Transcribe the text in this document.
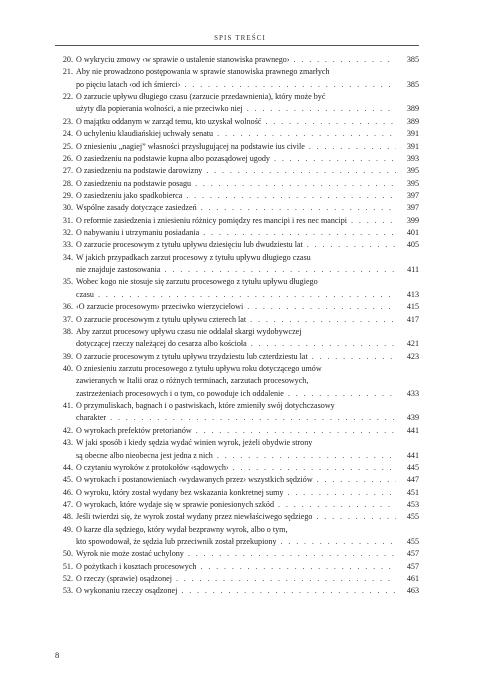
SPIS TREŚCI
20. O wykryciu zmowy ‹w sprawie o ustalenie stanowiska prawnego› . . .	385
21. Aby nie prowadzono postępowania w sprawie stanowiska prawnego zmarłych
po pięciu latach ‹od ich śmierci› . . .	385
22. O zarzucie upływu długiego czasu (zarzucie przedawnienia), który może być
użyty dla popierania wolności, a nie przeciwko niej . . .	389
23. O majątku oddanym w zarząd temu, kto uzyskał wolność . . .	389
24. O uchyleniu klaudiańskiej uchwały senatu . . .	391
25. O zniesieniu „nagiej” własności przysługującej na podstawie ius civile . . .	391
26. O zasiedzeniu na podstawie kupna albo pozasądowej ugody . . .	393
27. O zasiedzeniu na podstawie darowizny . . .	395
28. O zasiedzeniu na podstawie posagu . . .	395
29. O zasiedzeniu jako spadkobierca . . .	397
30. Wspólne zasady dotyczące zasiedzeń . . .	397
31. O reformie zasiedzenia i zniesieniu różnicy pomiędzy res mancipi i res nec mancipi . . .	399
32. O nabywaniu i utrzymaniu posiadania . . .	401
33. O zarzucie procesowym z tytułu upływu dziesięciu lub dwudziestu lat . . .	405
34. W jakich przypadkach zarzut procesowy z tytułu upływu długiego czasu
nie znajduje zastosowania . . .	411
35. Wobec kogo nie stosuje się zarzutu procesowego z tytułu upływu długiego
czasu . . .	413
36. ‹O zarzucie procesowym› przeciwko wierzycielowi . . .	415
37. O zarzucie procesowym z tytułu upływu czterech lat . . .	417
38. Aby zarzut procesowy upływu czasu nie oddalał skargi wydobywczej
dotyczącej rzeczy należącej do cesarza albo kościoła . . .	421
39. O zarzucie procesowym z tytułu upływu trzydziestu lub czterdziestu lat . . .	423
40. O zniesieniu zarzutu procesowego z tytułu upływu roku dotyczącego umów
zawieranych w Italii oraz o różnych terminach, zarzutach procesowych,
zastrzeżeniach procesowych i o tym, co powoduje ich oddalenie . . .	433
41. O przymuliskach, bagnach i o pastwiskach, które zmieniły swój dotychczasowy
charakter . . .	439
42. O wyrokach prefektów pretorianów . . .	441
43. W jaki sposób i kiedy sędzia wydać winien wyrok, jeżeli obydwie strony
są obecne albo nieobecna jest jedna z nich . . .	441
44. O czytaniu wyroków z protokołów ‹sądowych› . . .	445
45. O wyrokach i postanowieniach ‹wydawanych przez› wszystkich sędziów . . .	447
46. O wyroku, który został wydany bez wskazania konkretnej sumy . . .	451
47. O wyrokach, które wydaje się w sprawie poniesionych szkód . . .	453
48. Jeśli twierdzi się, że wyrok został wydany przez niewłaściwego sędziego . . .	455
49. O karze dla sędziego, który wydał bezprawny wyrok, albo o tym,
kto spowodował, że sędzia lub przeciwnik został przekupiony . . .	455
50. Wyrok nie może zostać uchylony . . .	457
51. O pożytkach i kosztach procesowych . . .	457
52. O rzeczy (sprawie) osądzonej . . .	461
53. O wykonaniu rzeczy osądzonej . . .	463
8
